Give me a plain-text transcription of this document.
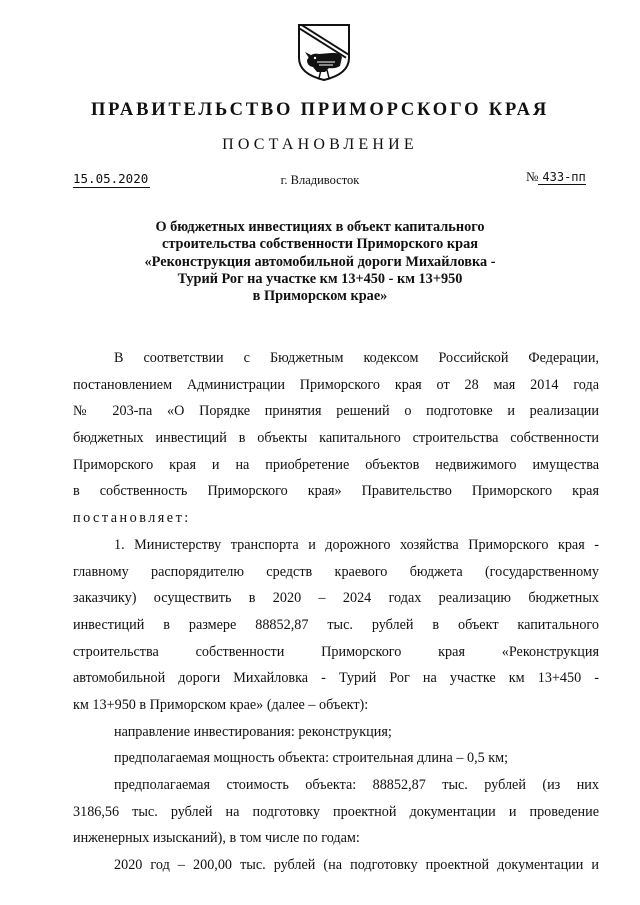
ПРАВИТЕЛЬСТВО ПРИМОРСКОГО КРАЯ
ПОСТАНОВЛЕНИЕ
15.05.2020	г. Владивосток	№ 433-пп
О бюджетных инвестициях в объект капитального
строительства собственности Приморского края
«Реконструкция автомобильной дороги Михайловка -
Турий Рог на участке км 13+450 - км 13+950
в Приморском крае»
В соответствии с Бюджетным кодексом Российской Федерации,
постановлением Администрации Приморского края от 28 мая 2014 года
№ 203-па «О Порядке принятия решений о подготовке и реализации
бюджетных инвестиций в объекты капитального строительства собственности
Приморского края и на приобретение объектов недвижимого имущества
в собственность Приморского края» Правительство Приморского края
постановляет:
1. Министерству транспорта и дорожного хозяйства Приморского края -
главному распорядителю средств краевого бюджета (государственному
заказчику) осуществить в 2020 – 2024 годах реализацию бюджетных
инвестиций в размере 88852,87 тыс. рублей в объект капитального
строительства собственности Приморского края «Реконструкция
автомобильной дороги Михайловка - Турий Рог на участке км 13+450 -
км 13+950 в Приморском крае» (далее – объект):
направление инвестирования: реконструкция;
предполагаемая мощность объекта: строительная длина – 0,5 км;
предполагаемая стоимость объекта: 88852,87 тыс. рублей (из них
3186,56 тыс. рублей на подготовку проектной документации и проведение
инженерных изысканий), в том числе по годам:
2020 год – 200,00 тыс. рублей (на подготовку проектной документации и
